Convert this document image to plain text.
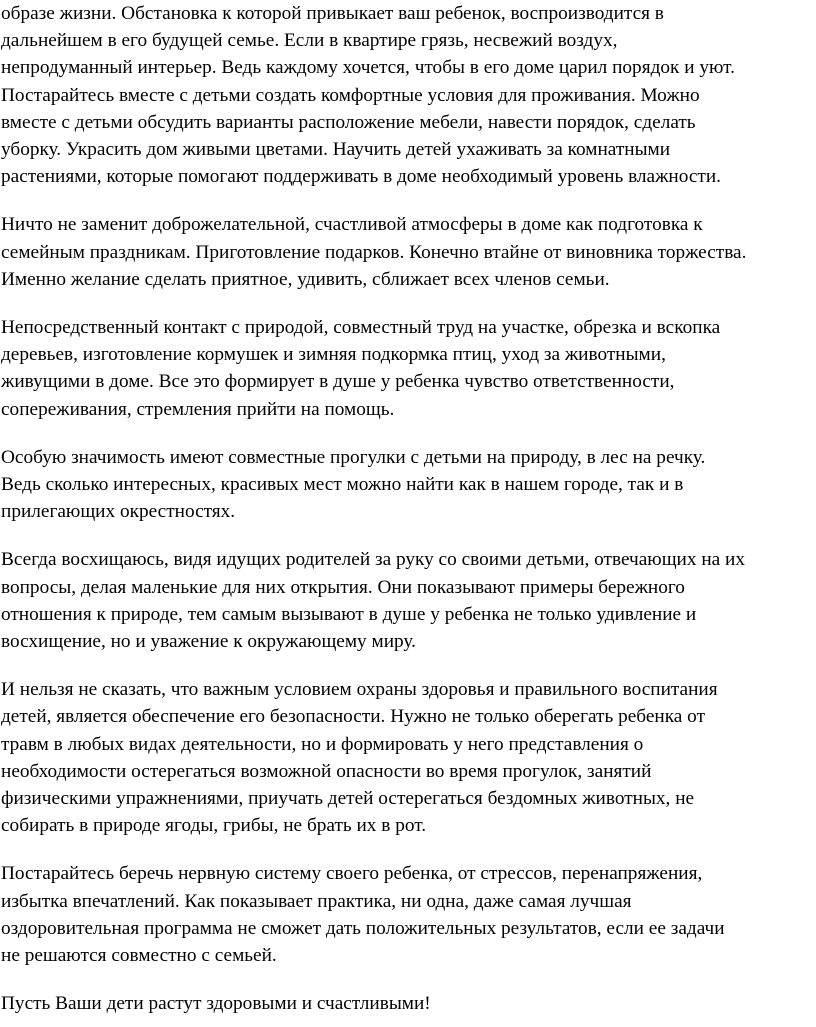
образе жизни. Обстановка к которой привыкает ваш ребенок, воспроизводится в
дальнейшем в его будущей семье. Если в квартире грязь, несвежий воздух,
непродуманный интерьер. Ведь каждому хочется, чтобы в его доме царил порядок и уют.
Постарайтесь вместе с детьми создать комфортные условия для проживания. Можно
вместе с детьми обсудить варианты расположение мебели, навести порядок, сделать
уборку. Украсить дом живыми цветами. Научить детей ухаживать за комнатными
растениями, которые помогают поддерживать в доме необходимый уровень влажности.

Ничто не заменит доброжелательной, счастливой атмосферы в доме как подготовка к
семейным праздникам. Приготовление подарков. Конечно втайне от виновника торжества.
Именно желание сделать приятное, удивить, сближает всех членов семьи.

Непосредственный контакт с природой, совместный труд на участке, обрезка и вскопка
деревьев, изготовление кормушек и зимняя подкормка птиц, уход за животными,
живущими в доме. Все это формирует в душе у ребенка чувство ответственности,
сопереживания, стремления прийти на помощь.

Особую значимость имеют совместные прогулки с детьми на природу, в лес на речку.
Ведь сколько интересных, красивых мест можно найти как в нашем городе, так и в
прилегающих окрестностях.

Всегда восхищаюсь, видя идущих родителей за руку со своими детьми, отвечающих на их
вопросы, делая маленькие для них открытия. Они показывают примеры бережного
отношения к природе, тем самым вызывают в душе у ребенка не только удивление и
восхищение, но и уважение к окружающему миру.

И нельзя не сказать, что важным условием охраны здоровья и правильного воспитания
детей, является обеспечение его безопасности. Нужно не только оберегать ребенка от
травм в любых видах деятельности, но и формировать у него представления о
необходимости остерегаться возможной опасности во время прогулок, занятий
физическими упражнениями, приучать детей остерегаться бездомных животных, не
собирать в природе ягоды, грибы, не брать их в рот.

Постарайтесь беречь нервную систему своего ребенка, от стрессов, перенапряжения,
избытка впечатлений. Как показывает практика, ни одна, даже самая лучшая
оздоровительная программа не сможет дать положительных результатов, если ее задачи
не решаются совместно с семьей.

Пусть Ваши дети растут здоровыми и счастливыми!
